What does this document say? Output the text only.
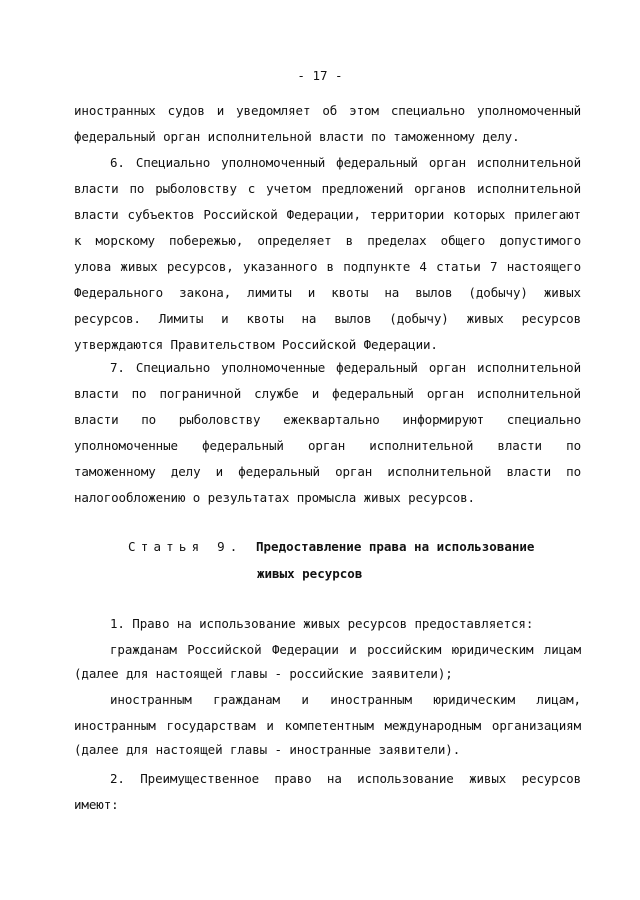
- 17 -
иностранных судов и уведомляет об этом специально уполномоченный
федеральный орган исполнительной власти по таможенному делу.
6. Специально уполномоченный федеральный орган исполнительной
власти по рыболовству с учетом предложений органов исполнительной
власти субъектов Российской Федерации, территории которых прилегают
к морскому побережью, определяет в пределах общего допустимого
улова живых ресурсов, указанного в подпункте 4 статьи 7 настоящего
Федерального закона, лимиты и квоты на вылов (добычу) живых
ресурсов. Лимиты и квоты на вылов (добычу) живых ресурсов
утверждаются Правительством Российской Федерации.
7. Специально уполномоченные федеральный орган исполнительной
власти по пограничной службе и федеральный орган исполнительной
власти по рыболовству ежеквартально информируют специально
уполномоченные федеральный орган исполнительной власти по
таможенному делу и федеральный орган исполнительной власти по
налогообложению о результатах промысла живых ресурсов.
Статья 9. Предоставление права на использование
живых ресурсов
1. Право на использование живых ресурсов предоставляется:
гражданам Российской Федерации и российским юридическим лицам
(далее для настоящей главы - российские заявители);
иностранным гражданам и иностранным юридическим лицам,
иностранным государствам и компетентным международным организациям
(далее для настоящей главы - иностранные заявители).
2. Преимущественное право на использование живых ресурсов
имеют:
